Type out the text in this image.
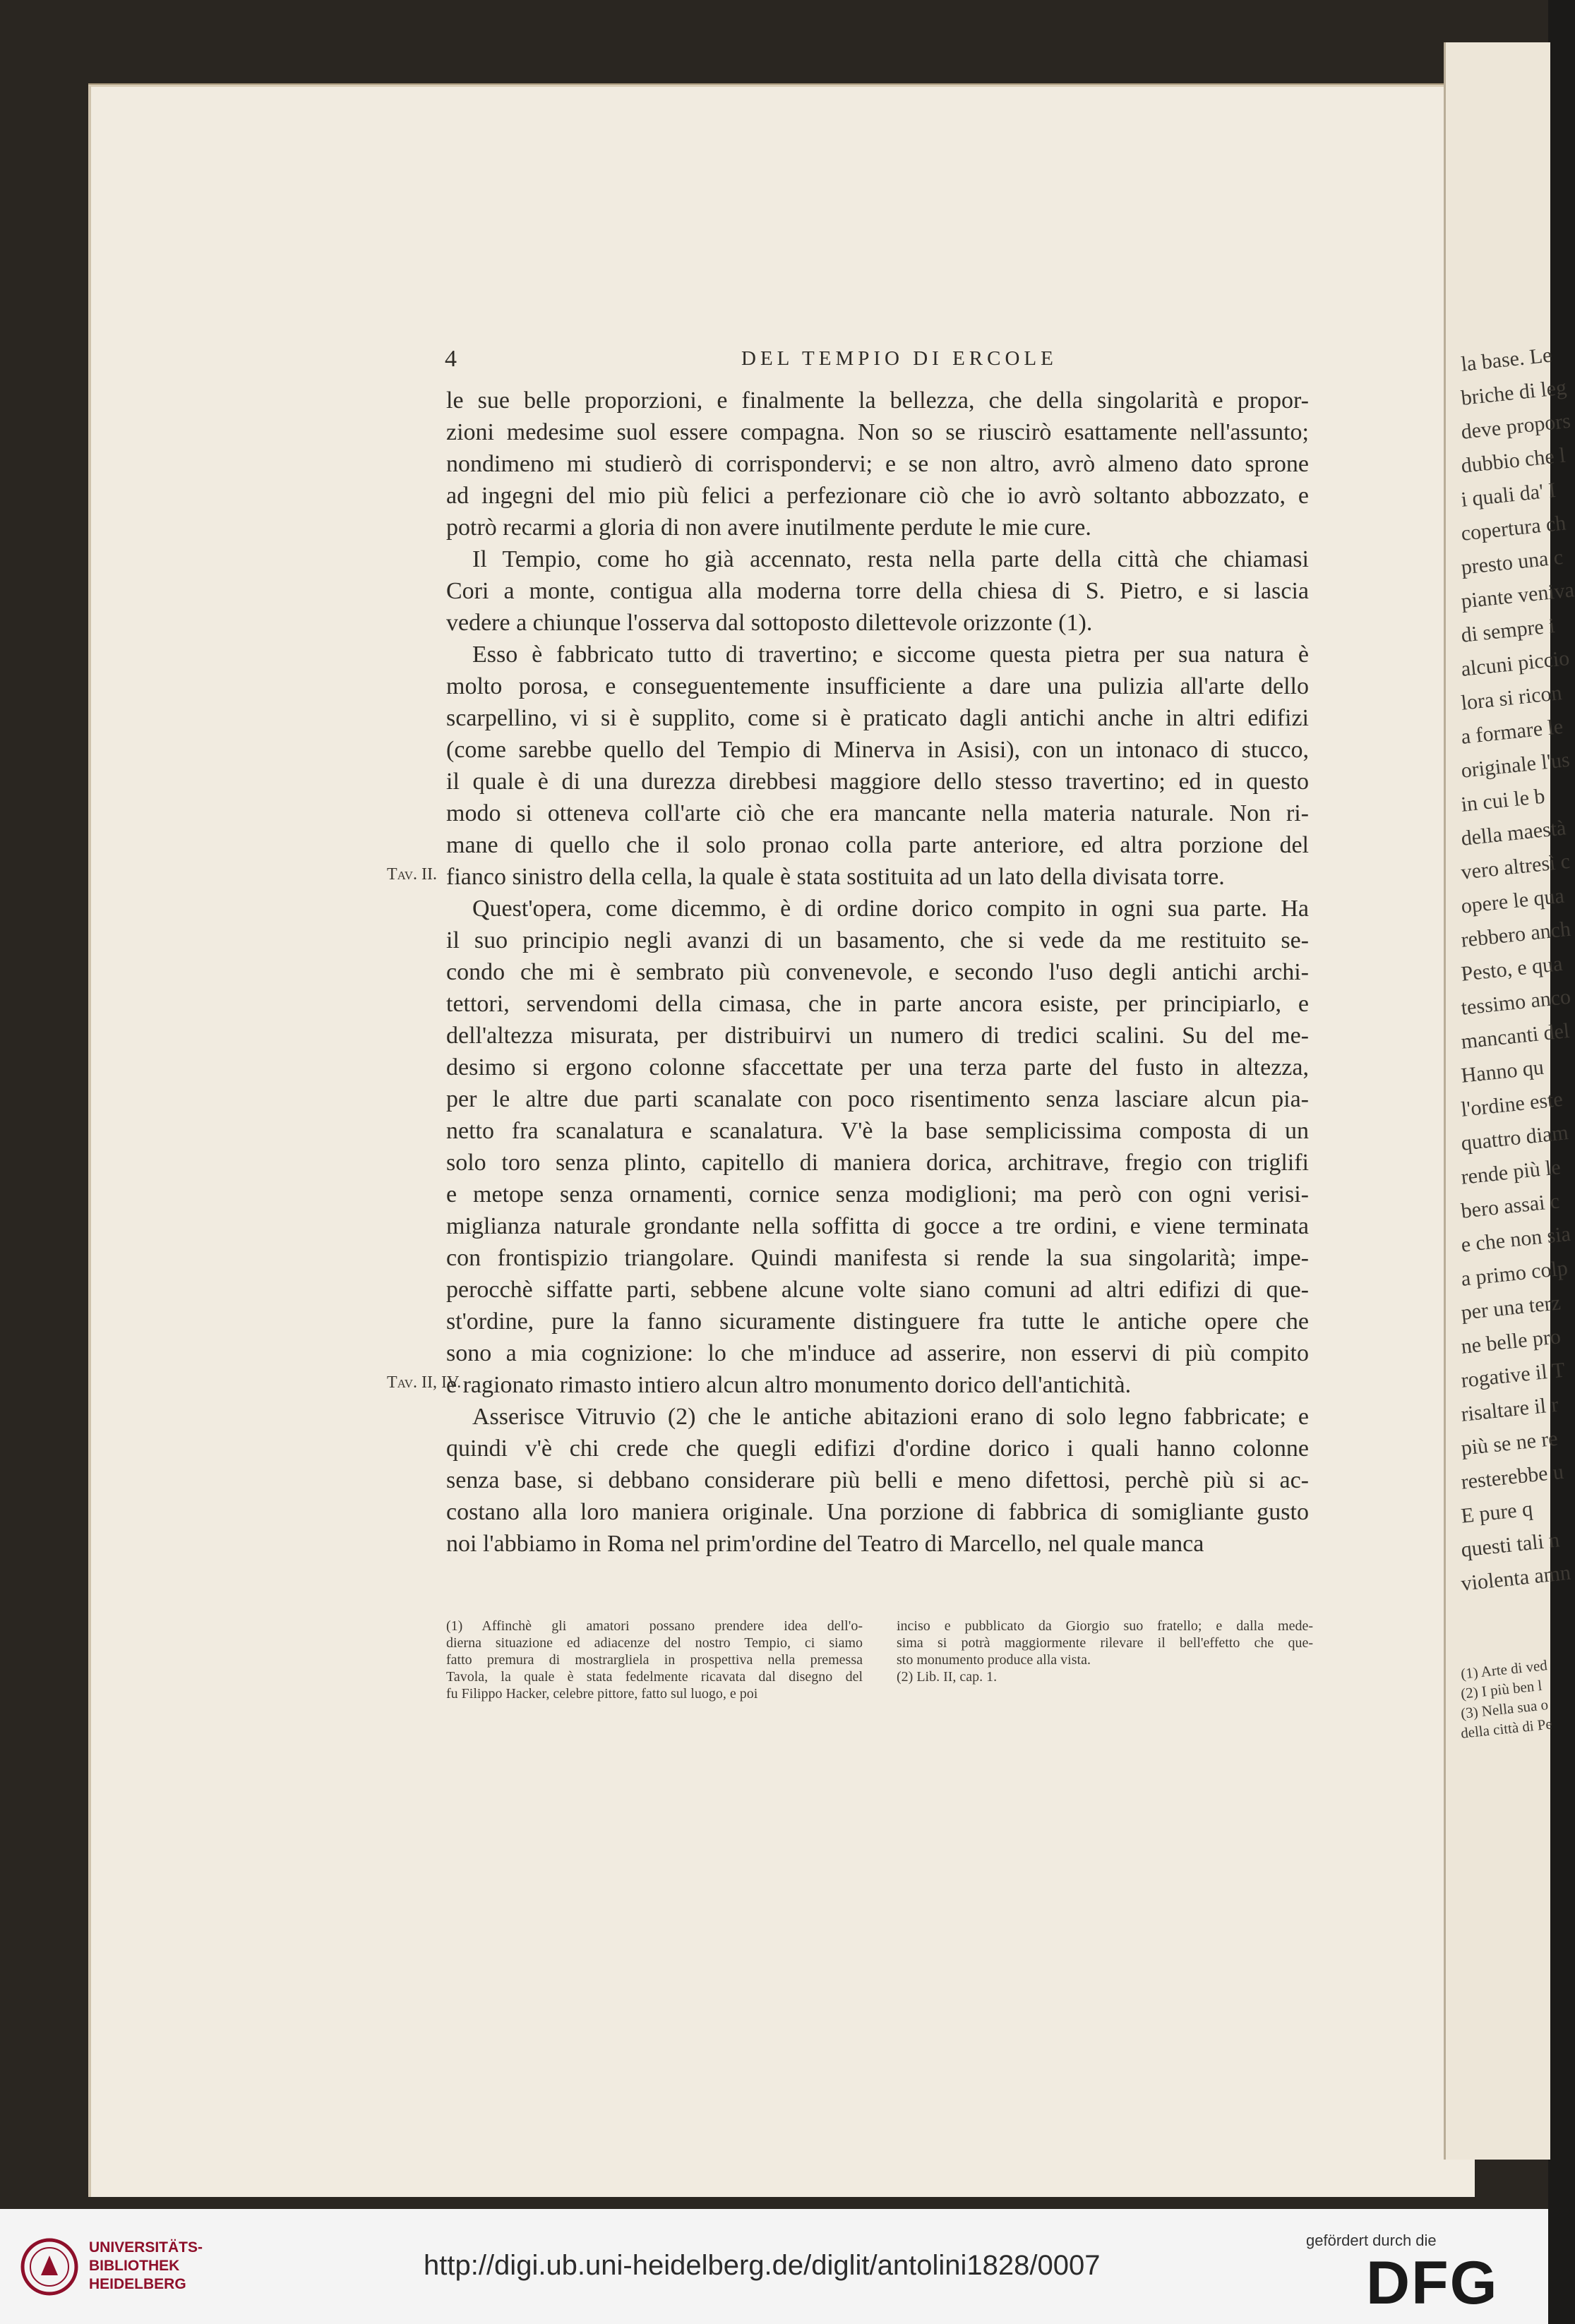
la base. Le
briche di leg
deve propors
dubbio che l
i quali da' I
copertura ch
presto una c
piante veniva
di sempre i
alcuni piccio
lora si ricon
a formare le
originale l'us
in cui le b
della maestà
vero altresì c
opere le qua
rebbero anch
Pesto, e qua
tessimo anco
mancanti del
Hanno qu
l'ordine este
quattro diam
rende più le
bero assai c
e che non sia
a primo colp
per una terz
ne belle pro
rogative il T
risaltare il r
più se ne re
resterebbe u
E pure q
questi tali n
violenta amn
(1) Arte di ved
(2) I più ben l
(3) Nella sua o
della città di Pe
4	DEL TEMPIO DI ERCOLE
le sue belle proporzioni, e finalmente la bellezza, che della singolarità e propor-
zioni medesime suol essere compagna. Non so se riuscirò esattamente nell'assunto;
nondimeno mi studierò di corrispondervi; e se non altro, avrò almeno dato sprone
ad ingegni del mio più felici a perfezionare ciò che io avrò soltanto abbozzato, e
potrò recarmi a gloria di non avere inutilmente perdute le mie cure.
Il Tempio, come ho già accennato, resta nella parte della città che chiamasi
Cori a monte, contigua alla moderna torre della chiesa di S. Pietro, e si lascia
vedere a chiunque l'osserva dal sottoposto dilettevole orizzonte (1).
Esso è fabbricato tutto di travertino; e siccome questa pietra per sua natura è
molto porosa, e conseguentemente insufficiente a dare una pulizia all'arte dello
scarpellino, vi si è supplito, come si è praticato dagli antichi anche in altri edifizi
(come sarebbe quello del Tempio di Minerva in Asisi), con un intonaco di stucco,
il quale è di una durezza direbbesi maggiore dello stesso travertino; ed in questo
modo si otteneva coll'arte ciò che era mancante nella materia naturale. Non ri-
mane di quello che il solo pronao colla parte anteriore, ed altra porzione del
fianco sinistro della cella, la quale è stata sostituita ad un lato della divisata torre.
Quest'opera, come dicemmo, è di ordine dorico compito in ogni sua parte. Ha
il suo principio negli avanzi di un basamento, che si vede da me restituito se-
condo che mi è sembrato più convenevole, e secondo l'uso degli antichi archi-
tettori, servendomi della cimasa, che in parte ancora esiste, per principiarlo, e
dell'altezza misurata, per distribuirvi un numero di tredici scalini. Su del me-
desimo si ergono colonne sfaccettate per una terza parte del fusto in altezza,
per le altre due parti scanalate con poco risentimento senza lasciare alcun pia-
netto fra scanalatura e scanalatura. V'è la base semplicissima composta di un
solo toro senza plinto, capitello di maniera dorica, architrave, fregio con triglifi
e metope senza ornamenti, cornice senza modiglioni; ma però con ogni verisi-
miglianza naturale grondante nella soffitta di gocce a tre ordini, e viene terminata
con frontispizio triangolare. Quindi manifesta si rende la sua singolarità; impe-
perocchè siffatte parti, sebbene alcune volte siano comuni ad altri edifizi di que-
st'ordine, pure la fanno sicuramente distinguere fra tutte le antiche opere che
sono a mia cognizione: lo che m'induce ad asserire, non esservi di più compito
e ragionato rimasto intiero alcun altro monumento dorico dell'antichità.
Asserisce Vitruvio (2) che le antiche abitazioni erano di solo legno fabbricate; e
quindi v'è chi crede che quegli edifizi d'ordine dorico i quali hanno colonne
senza base, si debbano considerare più belli e meno difettosi, perchè più si ac-
costano alla loro maniera originale. Una porzione di fabbrica di somigliante gusto
noi l'abbiamo in Roma nel prim'ordine del Teatro di Marcello, nel quale manca
Tav. II.
Tav. II, IV.
(1) Affinchè gli amatori possano prendere idea dell'o-
dierna situazione ed adiacenze del nostro Tempio, ci siamo
fatto premura di mostrarglielа in prospettiva nella premessa
Tavola, la quale è stata fedelmente ricavata dal disegno del
fu Filippo Hacker, celebre pittore, fatto sul luogo, e poi
inciso e pubblicato da Giorgio suo fratello; e dalla mede-
sima si potrà maggiormente rilevare il bell'effetto che que-
sto monumento produce alla vista.
(2) Lib. II, cap. 1.
UNIVERSITÄTS-
BIBLIOTHEK
HEIDELBERG
http://digi.ub.uni-heidelberg.de/diglit/antolini1828/0007
gefördert durch die
DFG
